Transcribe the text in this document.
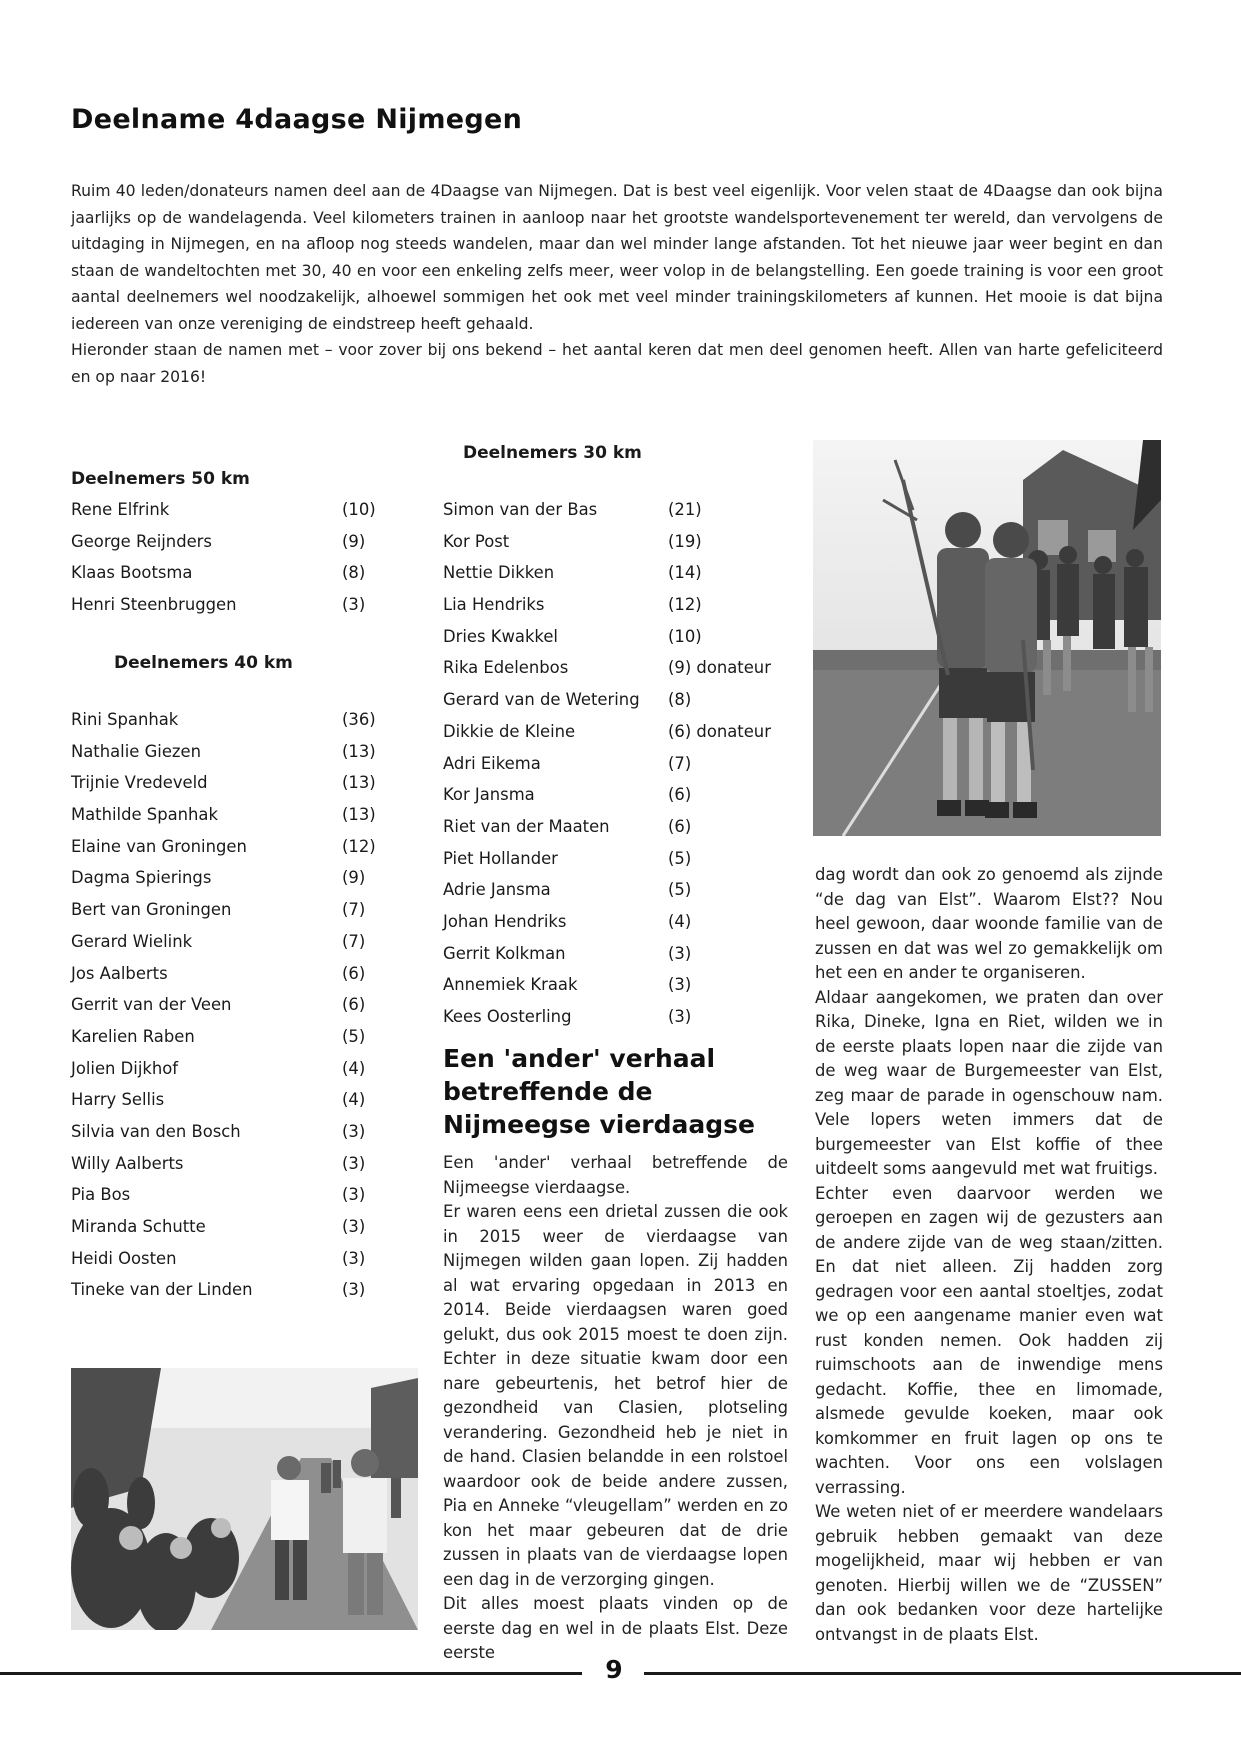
Deelname 4daagse Nijmegen

Ruim 40 leden/donateurs namen deel aan de 4Daagse van Nijmegen. Dat is best veel eigenlijk. Voor velen staat de 4Daagse dan ook bijna jaarlijks op de wandelagenda. Veel kilometers trainen in aanloop naar het grootste wandelsportevenement ter wereld, dan vervolgens de uitdaging in Nijmegen, en na afloop nog steeds wandelen, maar dan wel minder lange afstanden. Tot het nieuwe jaar weer begint en dan staan de wandeltochten met 30, 40 en voor een enkeling zelfs meer, weer volop in de belangstelling. Een goede training is voor een groot aantal deelnemers wel noodzakelijk, alhoewel sommigen het ook met veel minder trainingskilometers af kunnen. Het mooie is dat bijna iedereen van onze vereniging de eindstreep heeft gehaald.

Hieronder staan de namen met – voor zover bij ons bekend – het aantal keren dat men deel genomen heeft. Allen van harte gefeliciteerd en op naar 2016!

Deelnemers 50 km
Rene Elfrink	(10)
George Reijnders	(9)
Klaas Bootsma	(8)
Henri Steenbruggen	(3)
Deelnemers 40 km
Rini Spanhak	(36)
Nathalie Giezen	(13)
Trijnie Vredeveld	(13)
Mathilde Spanhak	(13)
Elaine van Groningen	(12)
Dagma Spierings	(9)
Bert van Groningen	(7)
Gerard Wielink	(7)
Jos Aalberts	(6)
Gerrit van der Veen	(6)
Karelien Raben	(5)
Jolien Dijkhof	(4)
Harry Sellis	(4)
Silvia van den Bosch	(3)
Willy Aalberts	(3)
Pia Bos	(3)
Miranda Schutte	(3)
Heidi Oosten	(3)
Tineke van der Linden	(3)
Deelnemers 30 km
Simon van der Bas	(21)
Kor Post	(19)
Nettie Dikken	(14)
Lia Hendriks	(12)
Dries Kwakkel	(10)
Rika Edelenbos	(9) donateur
Gerard van de Wetering (8)
Dikkie de Kleine	(6) donateur
Adri Eikema	(7)
Kor Jansma	(6)
Riet van der Maaten	(6)
Piet Hollander	(5)
Adrie Jansma	(5)
Johan Hendriks	(4)
Gerrit Kolkman	(3)
Annemiek Kraak	(3)
Kees Oosterling	(3)
Een 'ander' verhaal betreffende de Nijmeegse vierdaagse

Een 'ander' verhaal betreffende de Nijmeegse vierdaagse.

Er waren eens een drietal zussen die ook in 2015 weer de vierdaagse van Nijmegen wilden gaan lopen. Zij hadden al wat ervaring opgedaan in 2013 en 2014. Beide vierdaagsen waren goed gelukt, dus ook 2015 moest te doen zijn. Echter in deze situatie kwam door een nare gebeurtenis, het betrof hier de gezondheid van Clasien, plotseling verandering. Gezondheid heb je niet in de hand. Clasien belandde in een rolstoel waardoor ook de beide andere zussen, Pia en Anneke “vleugellam” werden en zo kon het maar gebeuren dat de drie zussen in plaats van de vierdaagse lopen een dag in de verzorging gingen.

Dit alles moest plaats vinden op de eerste dag en wel in de plaats Elst. Deze eerste

dag wordt dan ook zo genoemd als zijnde “de dag van Elst”. Waarom Elst?? Nou heel gewoon, daar woonde familie van de zussen en dat was wel zo gemakkelijk om het een en ander te organiseren.

Aldaar aangekomen, we praten dan over Rika, Dineke, Igna en Riet, wilden we in de eerste plaats lopen naar die zijde van de weg waar de Burgemeester van Elst, zeg maar de parade in ogenschouw nam. Vele lopers weten immers dat de burgemeester van Elst koffie of thee uitdeelt soms aangevuld met wat fruitigs.

Echter even daarvoor werden we geroepen en zagen wij de gezusters aan de andere zijde van de weg staan/zitten. En dat niet alleen. Zij hadden zorg gedragen voor een aantal stoeltjes, zodat we op een aangename manier even wat rust konden nemen. Ook hadden zij ruimschoots aan de inwendige mens gedacht. Koffie, thee en limomade, alsmede gevulde koeken, maar ook komkommer en fruit lagen op ons te wachten. Voor ons een volslagen verrassing.

We weten niet of er meerdere wandelaars gebruik hebben gemaakt van deze mogelijkheid, maar wij hebben er van genoten. Hierbij willen we de “ZUSSEN” dan ook bedanken voor deze hartelijke ontvangst in de plaats Elst.

9
